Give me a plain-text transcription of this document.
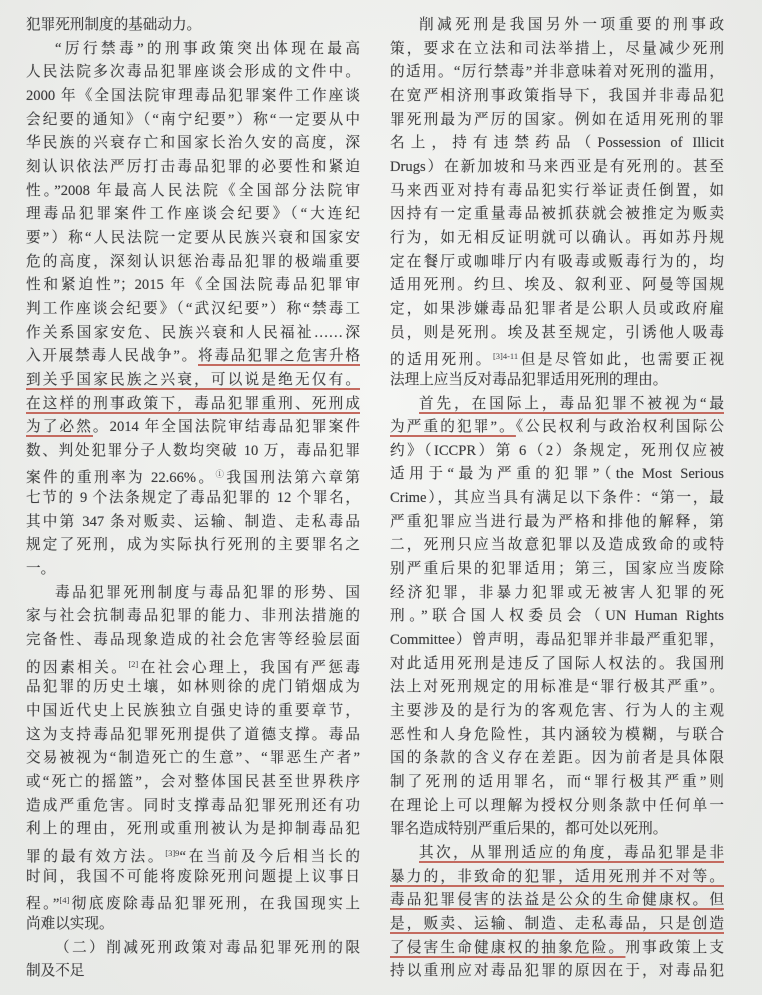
犯罪死刑制度的基础动力。
“厉行禁毒”的刑事政策突出体现在最高
人民法院多次毒品犯罪座谈会形成的文件中。
2000 年《全国法院审理毒品犯罪案件工作座谈
会纪要的通知》（“南宁纪要”）称“一定要从中
华民族的兴衰存亡和国家长治久安的高度，深
刻认识依法严厉打击毒品犯罪的必要性和紧迫
性。”2008 年最高人民法院《全国部分法院审
理毒品犯罪案件工作座谈会纪要》（“大连纪
要”）称“人民法院一定要从民族兴衰和国家安
危的高度，深刻认识惩治毒品犯罪的极端重要
性和紧迫性”；2015 年《全国法院毒品犯罪审
判工作座谈会纪要》（“武汉纪要”）称“禁毒工
作关系国家安危、民族兴衰和人民福祉……深
入开展禁毒人民战争”。将毒品犯罪之危害升格
到关乎国家民族之兴衰，可以说是绝无仅有。
在这样的刑事政策下，毒品犯罪重刑、死刑成
为了必然。2014 年全国法院审结毒品犯罪案件
数、判处犯罪分子人数均突破 10 万，毒品犯罪
案件的重刑率为 22.66%。①我国刑法第六章第
七节的 9 个法条规定了毒品犯罪的 12 个罪名，
其中第 347 条对贩卖、运输、制造、走私毒品
规定了死刑，成为实际执行死刑的主要罪名之
一。
毒品犯罪死刑制度与毒品犯罪的形势、国
家与社会抗制毒品犯罪的能力、非刑法措施的
完备性、毒品现象造成的社会危害等经验层面
的因素相关。[2]在社会心理上，我国有严惩毒
品犯罪的历史土壤，如林则徐的虎门销烟成为
中国近代史上民族独立自强史诗的重要章节，
这为支持毒品犯罪死刑提供了道德支撑。毒品
交易被视为“制造死亡的生意”、“罪恶生产者”
或“死亡的摇篮”，会对整体国民甚至世界秩序
造成严重危害。同时支撑毒品犯罪死刑还有功
利上的理由，死刑或重刑被认为是抑制毒品犯
罪的最有效方法。$^{[3]9}$“在当前及今后相当长的
时间，我国不可能将废除死刑问题提上议事日
程。”[4]彻底废除毒品犯罪死刑，在我国现实上
尚难以实现。
（二）削减死刑政策对毒品犯罪死刑的限
制及不足
削减死刑是我国另外一项重要的刑事政
策，要求在立法和司法举措上，尽量减少死刑
的适用。“厉行禁毒”并非意味着对死刑的滥用，
在宽严相济刑事政策指导下，我国并非毒品犯
罪死刑最为严厉的国家。例如在适用死刑的罪
名上，持有违禁药品（Possession of Illicit
Drugs）在新加坡和马来西亚是有死刑的。甚至
马来西亚对持有毒品犯实行举证责任倒置，如
因持有一定重量毒品被抓获就会被推定为贩卖
行为，如无相反证明就可以确认。再如苏丹规
定在餐厅或咖啡厅内有吸毒或贩毒行为的，均
适用死刑。约旦、埃及、叙利亚、阿曼等国规
定，如果涉嫌毒品犯罪者是公职人员或政府雇
员，则是死刑。埃及甚至规定，引诱他人吸毒
的适用死刑。$^{[3]4-11}$但是尽管如此，也需要正视
法理上应当反对毒品犯罪适用死刑的理由。
首先，在国际上，毒品犯罪不被视为“最
为严重的犯罪”。《公民权利与政治权利国际公
约》（ICCPR）第 6（2）条规定，死刑仅应被
适用于“最为严重的犯罪”（the Most Serious
Crime），其应当具有满足以下条件：“第一，最
严重犯罪应当进行最为严格和排他的解释，第
二，死刑只应当故意犯罪以及造成致命的或特
别严重后果的犯罪适用；第三，国家应当废除
经济犯罪，非暴力犯罪或无被害人犯罪的死
刑。”联合国人权委员会（UN Human Rights
Committee）曾声明，毒品犯罪并非最严重犯罪，
对此适用死刑是违反了国际人权法的。我国刑
法上对死刑规定的用标准是“罪行极其严重”。
主要涉及的是行为的客观危害、行为人的主观
恶性和人身危险性，其内涵较为模糊，与联合
国的条款的含义存在差距。因为前者是具体限
制了死刑的适用罪名，而“罪行极其严重”则
在理论上可以理解为授权分则条款中任何单一
罪名造成特别严重后果的，都可处以死刑。
其次，从罪刑适应的角度，毒品犯罪是非
暴力的，非致命的犯罪，适用死刑并不对等。
毒品犯罪侵害的法益是公众的生命健康权。但
是，贩卖、运输、制造、走私毒品，只是创造
了侵害生命健康权的抽象危险。刑事政策上支
持以重刑应对毒品犯罪的原因在于，对毒品犯
